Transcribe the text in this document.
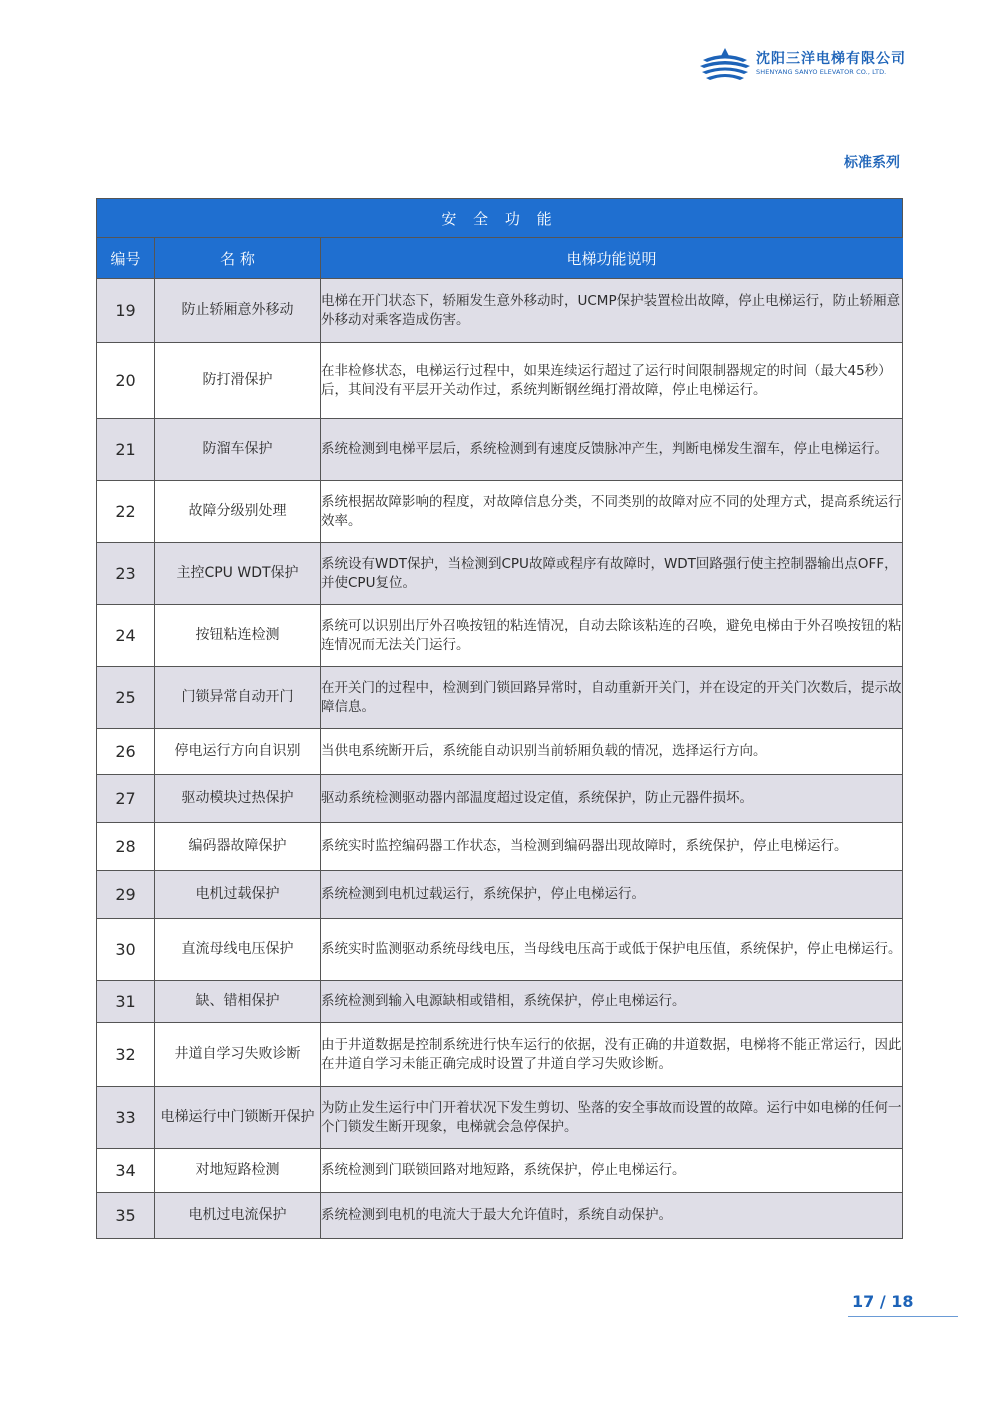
沈阳三洋电梯有限公司
SHENYANG SANYO ELEVATOR CO., LTD.
标准系列
安 全 功 能		
编号	名 称	电梯功能说明
19	防止轿厢意外移动	电梯在开门状态下，轿厢发生意外移动时，UCMP保护装置检出故障，停止电梯运行，防止轿厢意外移动对乘客造成伤害。
20	防打滑保护	在非检修状态，电梯运行过程中，如果连续运行超过了运行时间限制器规定的时间（最大45秒）后，其间没有平层开关动作过，系统判断钢丝绳打滑故障，停止电梯运行。
21	防溜车保护	系统检测到电梯平层后，系统检测到有速度反馈脉冲产生，判断电梯发生溜车，停止电梯运行。
22	故障分级别处理	系统根据故障影响的程度，对故障信息分类，不同类别的故障对应不同的处理方式，提高系统运行效率。
23	主控CPU WDT保护	系统设有WDT保护，当检测到CPU故障或程序有故障时，WDT回路强行使主控制器输出点OFF，并使CPU复位。
24	按钮粘连检测	系统可以识别出厅外召唤按钮的粘连情况，自动去除该粘连的召唤，避免电梯由于外召唤按钮的粘连情况而无法关门运行。
25	门锁异常自动开门	在开关门的过程中，检测到门锁回路异常时，自动重新开关门，并在设定的开关门次数后，提示故障信息。
26	停电运行方向自识别	当供电系统断开后，系统能自动识别当前轿厢负载的情况，选择运行方向。
27	驱动模块过热保护	驱动系统检测驱动器内部温度超过设定值，系统保护，防止元器件损坏。
28	编码器故障保护	系统实时监控编码器工作状态，当检测到编码器出现故障时，系统保护，停止电梯运行。
29	电机过载保护	系统检测到电机过载运行，系统保护，停止电梯运行。
30	直流母线电压保护	系统实时监测驱动系统母线电压，当母线电压高于或低于保护电压值，系统保护，停止电梯运行。
31	缺、错相保护	系统检测到输入电源缺相或错相，系统保护，停止电梯运行。
32	井道自学习失败诊断	由于井道数据是控制系统进行快车运行的依据，没有正确的井道数据，电梯将不能正常运行，因此在井道自学习未能正确完成时设置了井道自学习失败诊断。
33	电梯运行中门锁断开保护	为防止发生运行中门开着状况下发生剪切、坠落的安全事故而设置的故障。运行中如电梯的任何一个门锁发生断开现象，电梯就会急停保护。
34	对地短路检测	系统检测到门联锁回路对地短路，系统保护，停止电梯运行。
35	电机过电流保护	系统检测到电机的电流大于最大允许值时，系统自动保护。
17 / 18
